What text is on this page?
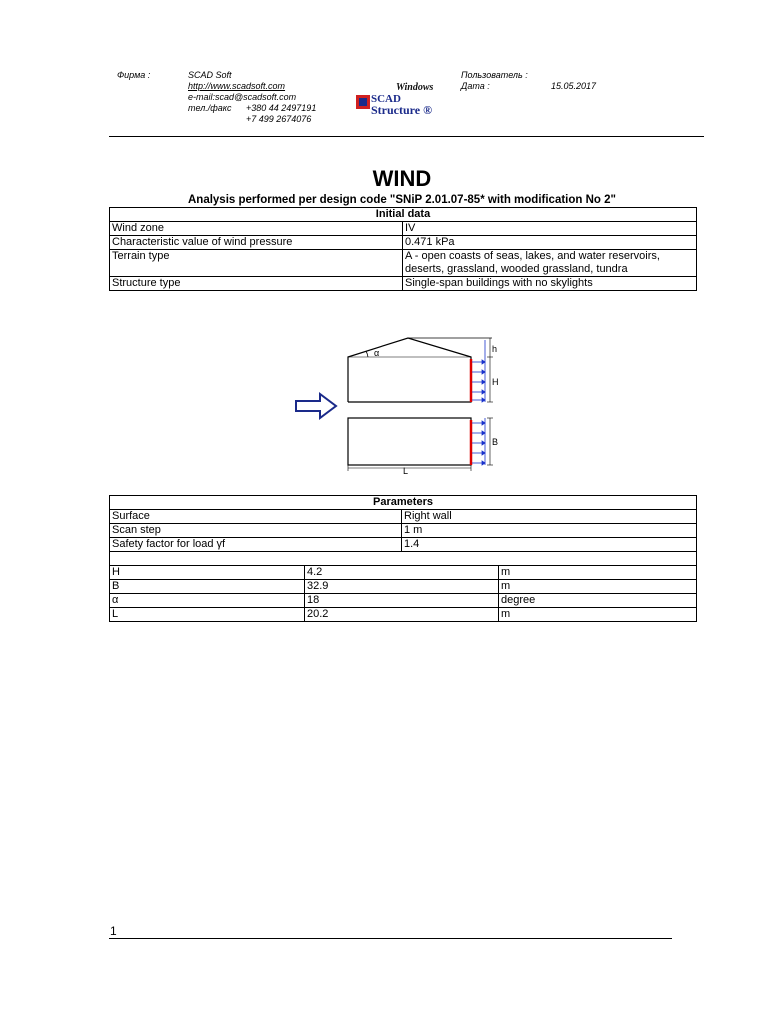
Фирма :	SCAD Soft
http://www.scadsoft.com
e-mail:scad@scadsoft.com
тел./факс +380 44 2497191
+7 499 2674076
Windows
SCAD
Structure ®
Пользователь :
Дата :	15.05.2017
WIND
Analysis performed per design code "SNiP 2.01.07-85* with modification No 2"
Initial data	
Wind zone	IV
Characteristic value of wind pressure	0.471 kPa
Terrain type	A - open coasts of seas, lakes, and water reservoirs, deserts, grassland, wooded grassland, tundra
Structure type	Single-span buildings with no skylights
α	h
H
B
L
Parameters			
Surface		Right wall	
Scan step		1 m	
Safety factor for load γf		1.4	

H	4.2		m
B	32.9		m
α	18		degree
L	20.2		m
1
